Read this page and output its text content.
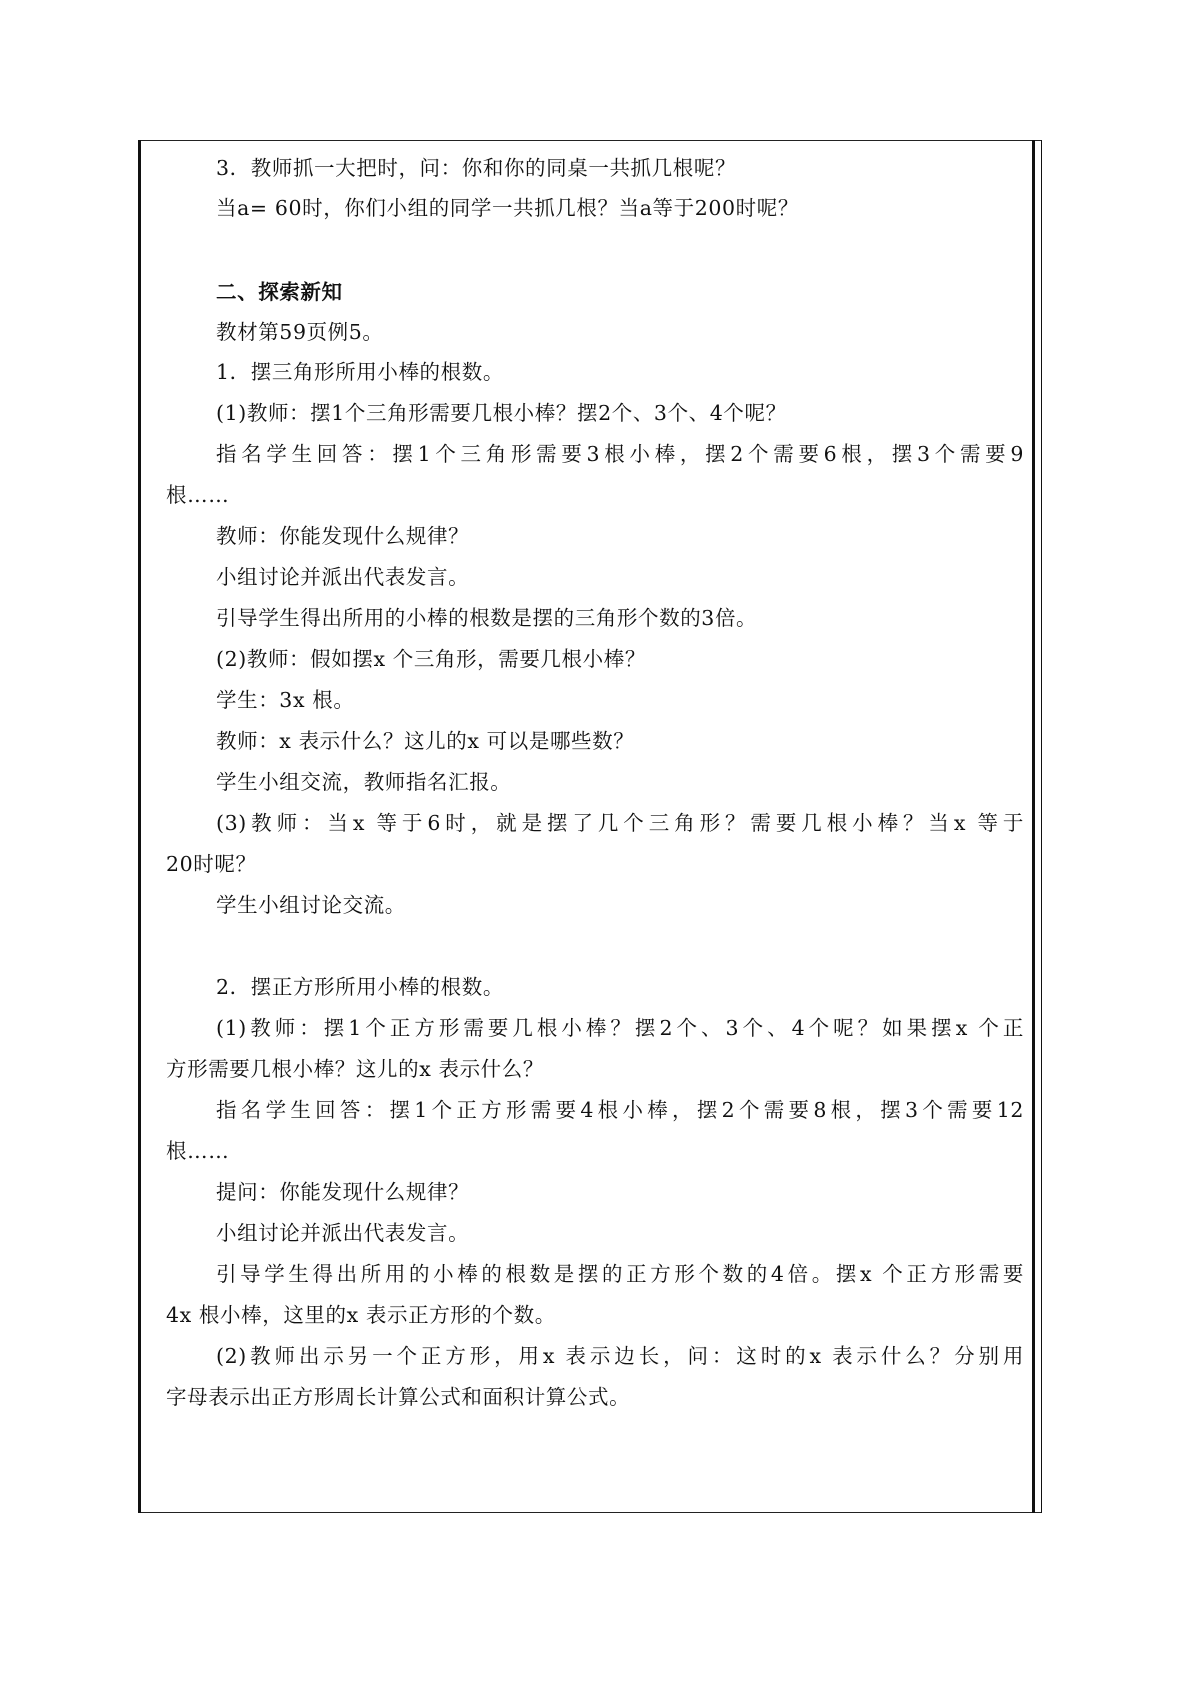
3．教师抓一大把时，问：你和你的同桌一共抓几根呢？
当a= 60时，你们小组的同学一共抓几根？当a等于200时呢？
二、探索新知
教材第59页例5。
1．摆三角形所用小棒的根数。
(1)教师：摆1个三角形需要几根小棒？摆2个、3个、4个呢？
指名学生回答：摆1个三角形需要3根小棒，摆2个需要6根，摆3个需要9
根……
教师：你能发现什么规律？
小组讨论并派出代表发言。
引导学生得出所用的小棒的根数是摆的三角形个数的3倍。
(2)教师：假如摆x 个三角形，需要几根小棒？
学生：3x 根。
教师：x 表示什么？这儿的x 可以是哪些数？
学生小组交流，教师指名汇报。
(3)教师：当x 等于6时，就是摆了几个三角形？需要几根小棒？当x 等于
20时呢？
学生小组讨论交流。
2．摆正方形所用小棒的根数。
(1)教师：摆1个正方形需要几根小棒？摆2个、3个、4个呢？如果摆x 个正
方形需要几根小棒？这儿的x 表示什么？
指名学生回答：摆1个正方形需要4根小棒，摆2个需要8根，摆3个需要12
根……
提问：你能发现什么规律？
小组讨论并派出代表发言。
引导学生得出所用的小棒的根数是摆的正方形个数的4倍。摆x 个正方形需要
4x 根小棒，这里的x 表示正方形的个数。
(2)教师出示另一个正方形，用x 表示边长，问：这时的x 表示什么？分别用
字母表示出正方形周长计算公式和面积计算公式。
